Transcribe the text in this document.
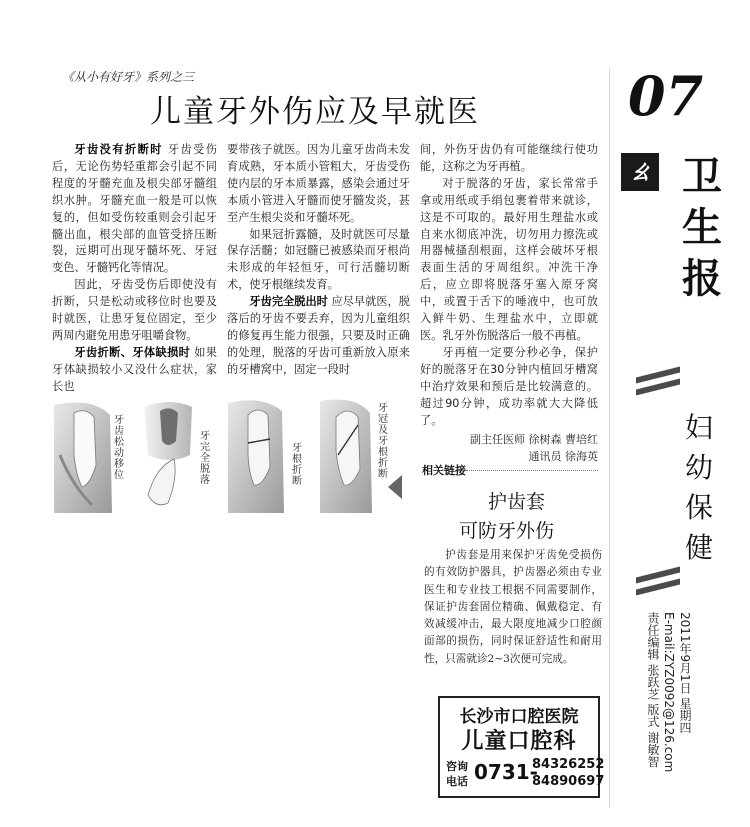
《从小有好牙》系列之三
儿童牙外伤应及早就医

牙齿没有折断时 牙齿受伤后，无论伤势轻重都会引起不同程度的牙髓充血及根尖部牙髓组织水肿。牙髓充血一般是可以恢复的，但如受伤较重则会引起牙髓出血，根尖部的血管受挤压断裂，远期可出现牙髓坏死、牙冠变色、牙髓钙化等情况。

因此，牙齿受伤后即使没有折断，只是松动或移位时也要及时就医，让患牙复位固定，至少两周内避免用患牙咀嚼食物。

牙齿折断、牙体缺损时 如果牙体缺损较小又没什么症状，家长也

要带孩子就医。因为儿童牙齿尚未发育成熟，牙本质小管粗大，牙齿受伤使内层的牙本质暴露，感染会通过牙本质小管进入牙髓而使牙髓发炎，甚至产生根尖炎和牙髓坏死。

如果冠折露髓，及时就医可尽量保存活髓；如冠髓已被感染而牙根尚未形成的年轻恒牙，可行活髓切断术，使牙根继续发育。

牙齿完全脱出时 应尽早就医，脱落后的牙齿不要丢弃，因为儿童组织的修复再生能力很强，只要及时正确的处理，脱落的牙齿可重新放入原来的牙槽窝中，固定一段时

间，外伤牙齿仍有可能继续行使功能，这称之为牙再植。

对于脱落的牙齿，家长常常手拿或用纸或手绢包裹着带来就诊，这是不可取的。最好用生理盐水或自来水彻底冲洗，切勿用力擦洗或用器械搔刮根面，这样会破坏牙根表面生活的牙周组织。冲洗干净后，应立即将脱落牙塞入原牙窝中，或置于舌下的唾液中，也可放入鲜牛奶、生理盐水中，立即就医。乳牙外伤脱落后一般不再植。

牙再植一定要分秒必争，保护好的脱落牙在30分钟内植回牙槽窝中治疗效果和预后是比较满意的。超过90分钟，成功率就大大降低了。

副主任医师 徐树森 曹培红
通讯员 徐海英
牙齿松动移位
牙完全脱落
牙根折断
牙冠及牙根折断	相关链接
护齿套
可防牙外伤

护齿套是用来保护牙齿免受损伤的有效防护器具，护齿器必须由专业医生和专业技工根据不同需要制作，保证护齿套固位精确、佩戴稳定、有效减缓冲击，最大限度地减少口腔颜面部的损伤，同时保证舒适性和耐用性，只需就诊2~3次便可完成。

长沙市口腔医院
儿童口腔科
咨询
电话 0731-
84326252
84890697
07
ㄠ 卫生报
妇幼保健
2011年9月1日 星期四
E-mail:ZYZ0092@126.com
责任编辑 张跃芝 版式 谢敏智
